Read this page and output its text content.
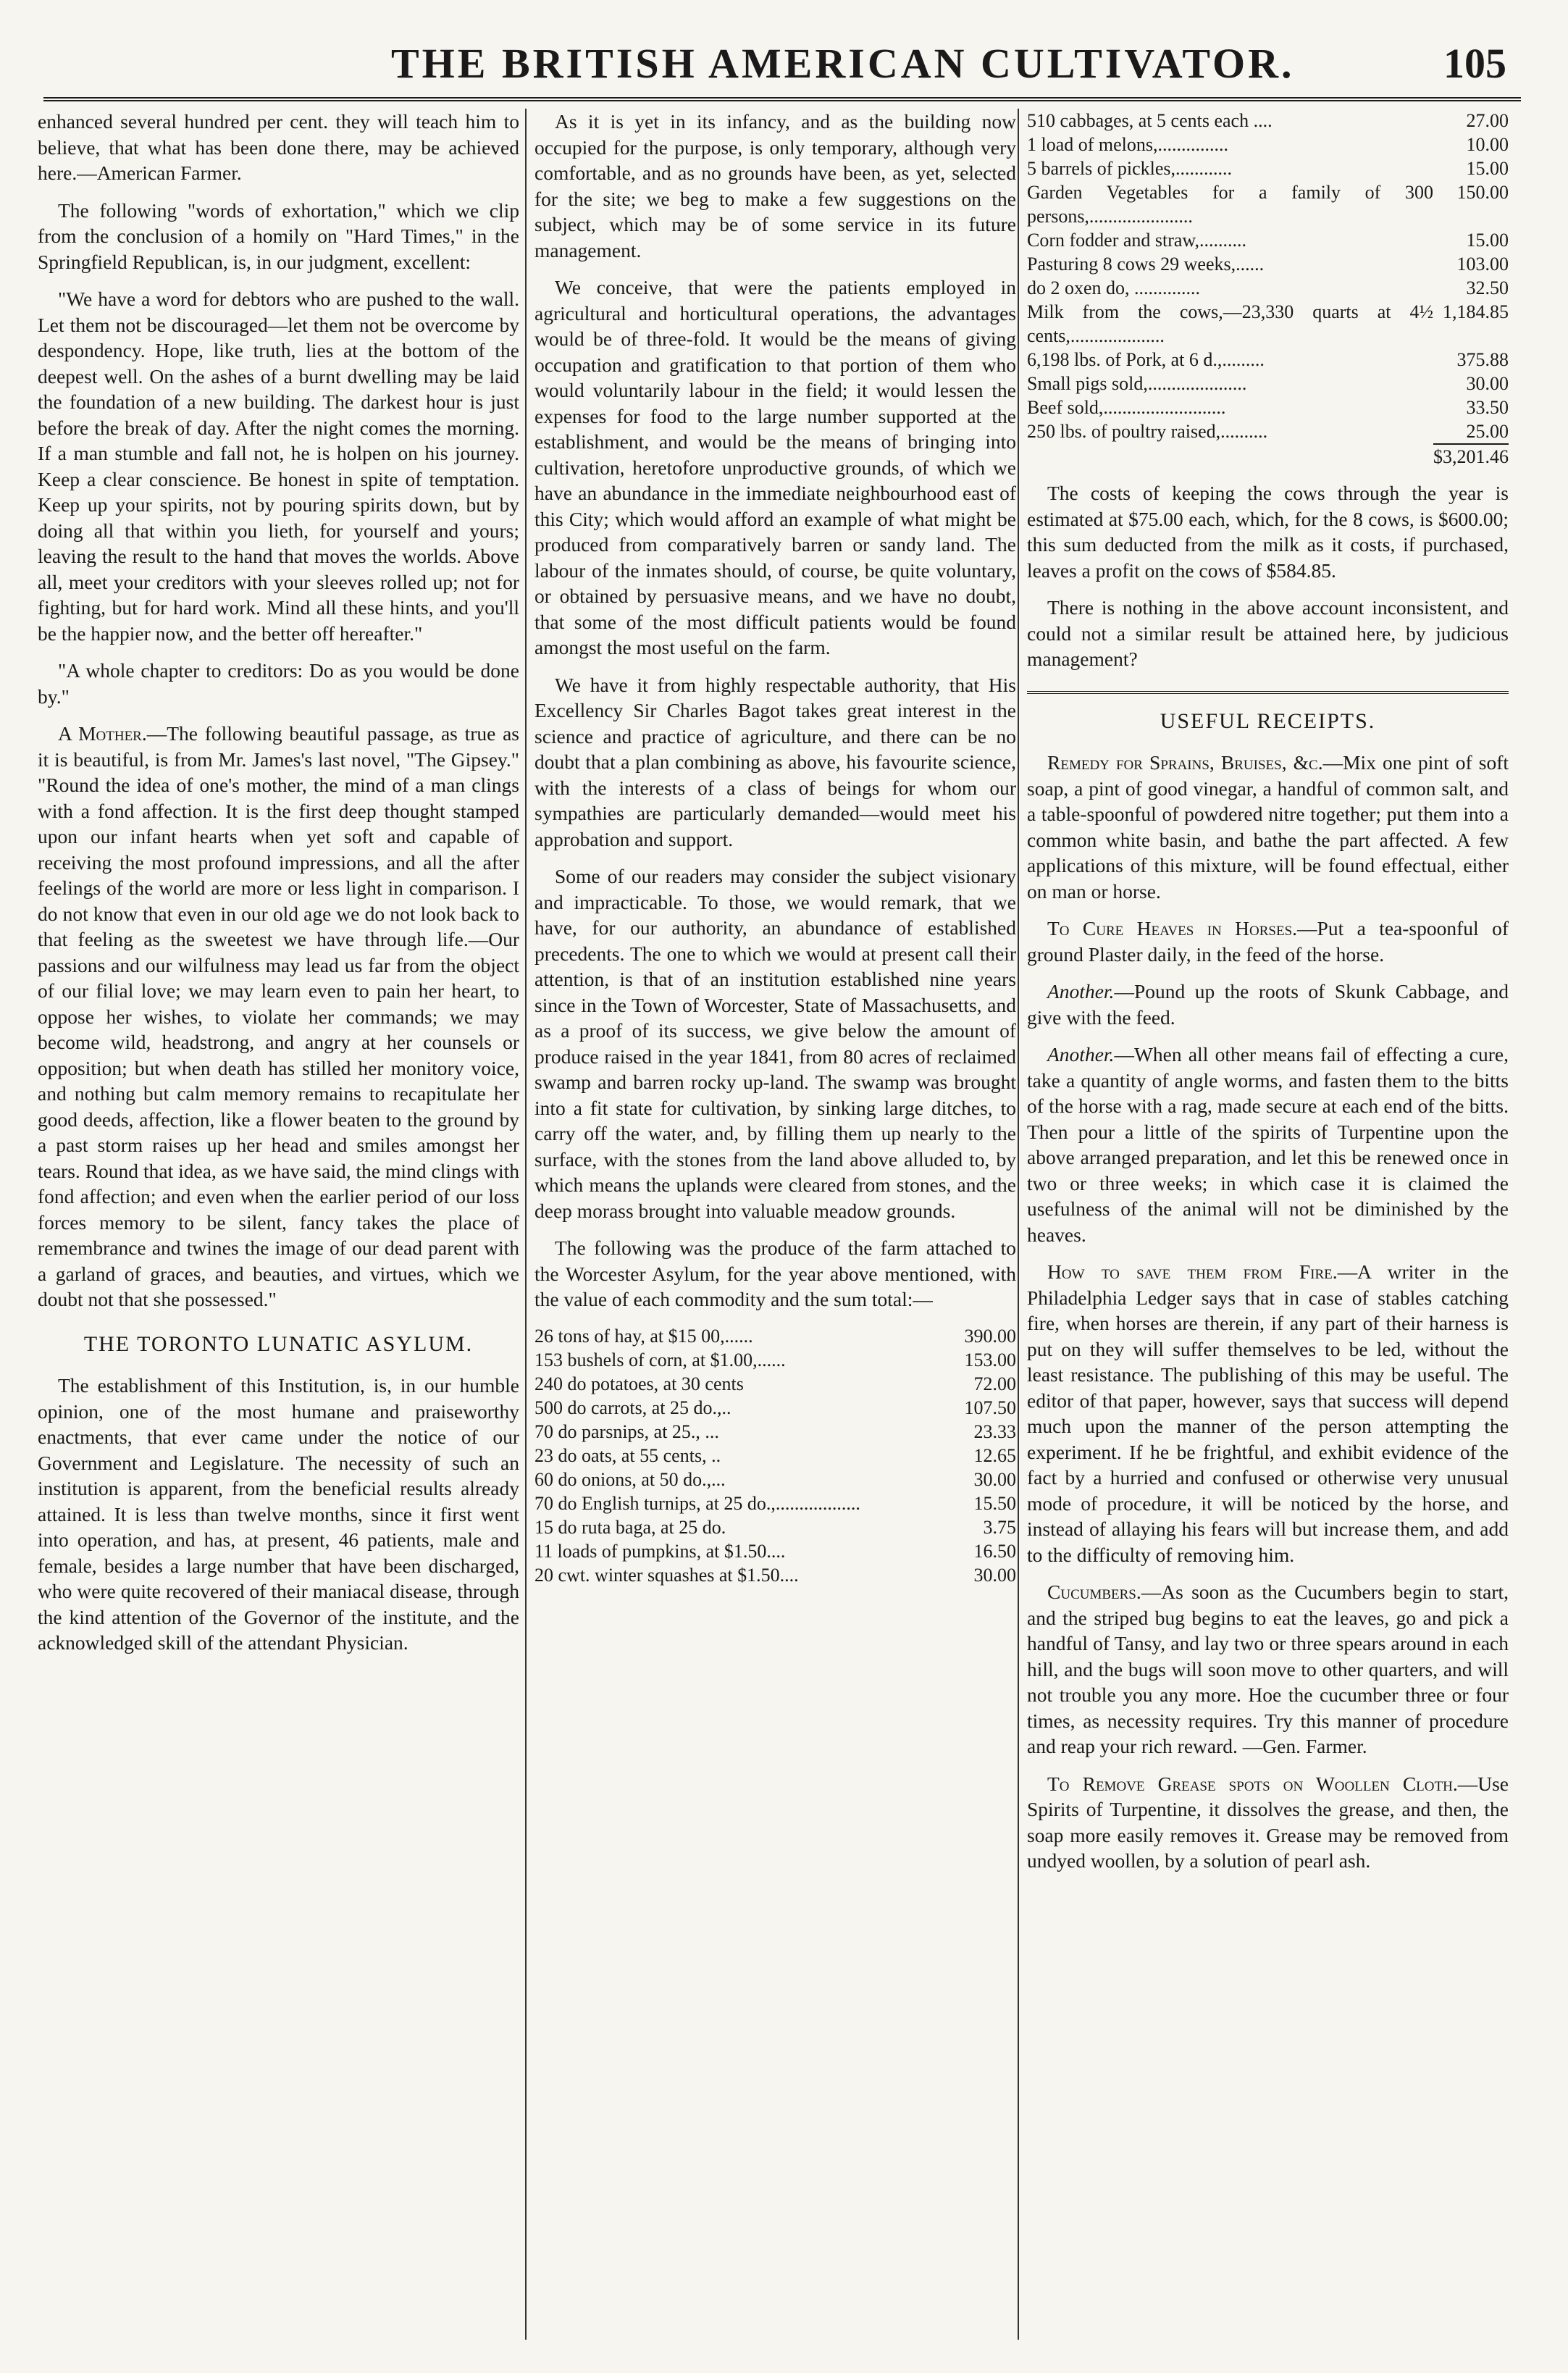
THE BRITISH AMERICAN CULTIVATOR.	105

enhanced several hundred per cent. they will teach him to believe, that what has been done there, may be achieved here.—American Farmer.

The following "words of exhortation," which we clip from the conclusion of a homily on "Hard Times," in the Springfield Republican, is, in our judgment, excellent:

"We have a word for debtors who are pushed to the wall. Let them not be discouraged—let them not be overcome by despondency. Hope, like truth, lies at the bottom of the deepest well. On the ashes of a burnt dwelling may be laid the foundation of a new building. The darkest hour is just before the break of day. After the night comes the morning. If a man stumble and fall not, he is holpen on his journey. Keep a clear conscience. Be honest in spite of temptation. Keep up your spirits, not by pouring spirits down, but by doing all that within you lieth, for yourself and yours; leaving the result to the hand that moves the worlds. Above all, meet your creditors with your sleeves rolled up; not for fighting, but for hard work. Mind all these hints, and you'll be the happier now, and the better off hereafter."

"A whole chapter to creditors: Do as you would be done by."

A Mother.—The following beautiful passage, as true as it is beautiful, is from Mr. James's last novel, "The Gipsey." "Round the idea of one's mother, the mind of a man clings with a fond affection. It is the first deep thought stamped upon our infant hearts when yet soft and capable of receiving the most profound impressions, and all the after feelings of the world are more or less light in comparison. I do not know that even in our old age we do not look back to that feeling as the sweetest we have through life.—Our passions and our wilfulness may lead us far from the object of our filial love; we may learn even to pain her heart, to oppose her wishes, to violate her commands; we may become wild, headstrong, and angry at her counsels or opposition; but when death has stilled her monitory voice, and nothing but calm memory remains to recapitulate her good deeds, affection, like a flower beaten to the ground by a past storm raises up her head and smiles amongst her tears. Round that idea, as we have said, the mind clings with fond affection; and even when the earlier period of our loss forces memory to be silent, fancy takes the place of remembrance and twines the image of our dead parent with a garland of graces, and beauties, and virtues, which we doubt not that she possessed."

THE TORONTO LUNATIC ASYLUM.

The establishment of this Institution, is, in our humble opinion, one of the most humane and praiseworthy enactments, that ever came under the notice of our Government and Legislature. The necessity of such an institution is apparent, from the beneficial results already attained. It is less than twelve months, since it first went into operation, and has, at present, 46 patients, male and female, besides a large number that have been discharged, who were quite recovered of their maniacal disease, through the kind attention of the Governor of the institute, and the acknowledged skill of the attendant Physician.

As it is yet in its infancy, and as the building now occupied for the purpose, is only temporary, although very comfortable, and as no grounds have been, as yet, selected for the site; we beg to make a few suggestions on the subject, which may be of some service in its future management.

We conceive, that were the patients employed in agricultural and horticultural operations, the advantages would be of three-fold. It would be the means of giving occupation and gratification to that portion of them who would voluntarily labour in the field; it would lessen the expenses for food to the large number supported at the establishment, and would be the means of bringing into cultivation, heretofore unproductive grounds, of which we have an abundance in the immediate neighbourhood east of this City; which would afford an example of what might be produced from comparatively barren or sandy land. The labour of the inmates should, of course, be quite voluntary, or obtained by persuasive means, and we have no doubt, that some of the most difficult patients would be found amongst the most useful on the farm.

We have it from highly respectable authority, that His Excellency Sir Charles Bagot takes great interest in the science and practice of agriculture, and there can be no doubt that a plan combining as above, his favourite science, with the interests of a class of beings for whom our sympathies are particularly demanded—would meet his approbation and support.

Some of our readers may consider the subject visionary and impracticable. To those, we would remark, that we have, for our authority, an abundance of established precedents. The one to which we would at present call their attention, is that of an institution established nine years since in the Town of Worcester, State of Massachusetts, and as a proof of its success, we give below the amount of produce raised in the year 1841, from 80 acres of reclaimed swamp and barren rocky up-land. The swamp was brought into a fit state for cultivation, by sinking large ditches, to carry off the water, and, by filling them up nearly to the surface, with the stones from the land above alluded to, by which means the uplands were cleared from stones, and the deep morass brought into valuable meadow grounds.

The following was the produce of the farm attached to the Worcester Asylum, for the year above mentioned, with the value of each commodity and the sum total:—

26 tons of hay, at $15 00,......	390.00
153 bushels of corn, at $1.00,......	153.00
240 do potatoes, at 30 cents	72.00
500 do carrots, at 25 do.,..	107.50
70 do parsnips, at 25., ...	23.33
23 do oats, at 55 cents, ..	12.65
60 do onions, at 50 do.,...	30.00
70 do English turnips, at 25 do.,..................	15.50
15 do ruta baga, at 25 do.	3.75
11 loads of pumpkins, at $1.50....	16.50
20 cwt. winter squashes at $1.50....	30.00
510 cabbages, at 5 cents each ....	27.00
1 load of melons,...............	10.00
5 barrels of pickles,............	15.00
Garden Vegetables for a family of 300 persons,......................	150.00
Corn fodder and straw,..........	15.00
Pasturing 8 cows 29 weeks,......	103.00
do 2 oxen do, ..............	32.50
Milk from the cows,—23,330 quarts at 4½ cents,....................	1,184.85
6,198 lbs. of Pork, at 6 d.,.........	375.88
Small pigs sold,.....................	30.00
Beef sold,..........................	33.50
250 lbs. of poultry raised,..........	25.00
	$3,201.46

The costs of keeping the cows through the year is estimated at $75.00 each, which, for the 8 cows, is $600.00; this sum deducted from the milk as it costs, if purchased, leaves a profit on the cows of $584.85.

There is nothing in the above account inconsistent, and could not a similar result be attained here, by judicious management?

USEFUL RECEIPTS.

Remedy for Sprains, Bruises, &c.—Mix one pint of soft soap, a pint of good vinegar, a handful of common salt, and a table-spoonful of powdered nitre together; put them into a common white basin, and bathe the part affected. A few applications of this mixture, will be found effectual, either on man or horse.

To Cure Heaves in Horses.—Put a tea-spoonful of ground Plaster daily, in the feed of the horse.

Another.—Pound up the roots of Skunk Cabbage, and give with the feed.

Another.—When all other means fail of effecting a cure, take a quantity of angle worms, and fasten them to the bitts of the horse with a rag, made secure at each end of the bitts. Then pour a little of the spirits of Turpentine upon the above arranged preparation, and let this be renewed once in two or three weeks; in which case it is claimed the usefulness of the animal will not be diminished by the heaves.

How to save them from Fire.—A writer in the Philadelphia Ledger says that in case of stables catching fire, when horses are therein, if any part of their harness is put on they will suffer themselves to be led, without the least resistance. The publishing of this may be useful. The editor of that paper, however, says that success will depend much upon the manner of the person attempting the experiment. If he be frightful, and exhibit evidence of the fact by a hurried and confused or otherwise very unusual mode of procedure, it will be noticed by the horse, and instead of allaying his fears will but increase them, and add to the difficulty of removing him.

Cucumbers.—As soon as the Cucumbers begin to start, and the striped bug begins to eat the leaves, go and pick a handful of Tansy, and lay two or three spears around in each hill, and the bugs will soon move to other quarters, and will not trouble you any more. Hoe the cucumber three or four times, as necessity requires. Try this manner of procedure and reap your rich reward. —Gen. Farmer.

To Remove Grease spots on Woollen Cloth.—Use Spirits of Turpentine, it dissolves the grease, and then, the soap more easily removes it. Grease may be removed from undyed woollen, by a solution of pearl ash.
